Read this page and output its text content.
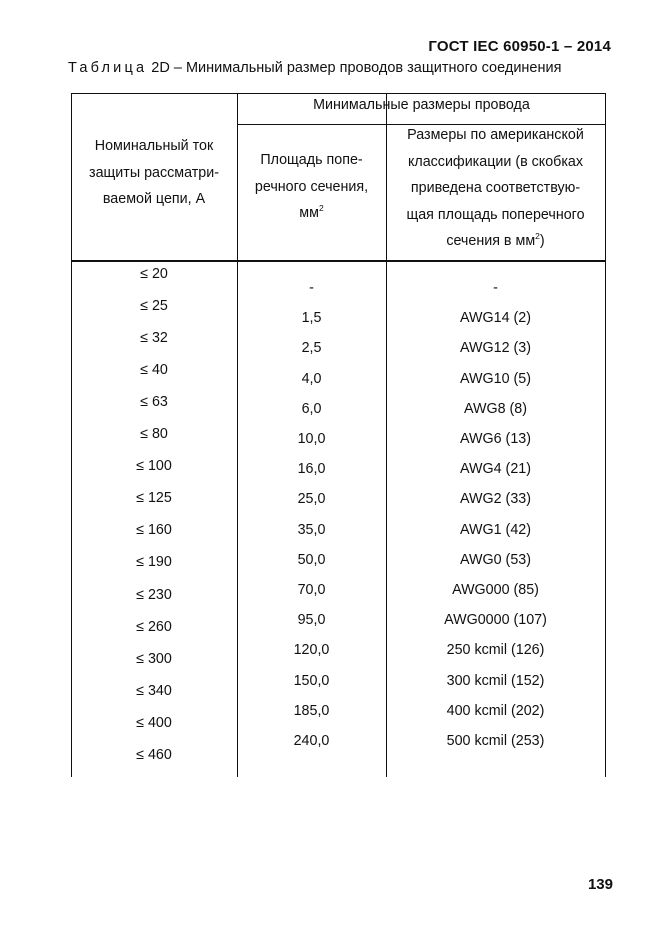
ГОСТ IEC 60950-1 – 2014
Таблица 2D – Минимальный размер проводов защитного соединения
Номинальный ток
защиты рассматри-
ваемой цепи, А
Минимальные размеры провода
Площадь попе-
речного сечения,
$мм^2$
Размеры по американской
классификации (в скобках
приведена соответствую-
щая площадь поперечного
сечения в $мм^2$)
≤ 20
≤ 25
≤ 32
≤ 40
≤ 63
≤ 80
≤ 100
≤ 125
≤ 160
≤ 190
≤ 230
≤ 260
≤ 300
≤ 340
≤ 400
≤ 460
-
1,5
2,5
4,0
6,0
10,0
16,0
25,0
35,0
50,0
70,0
95,0
120,0
150,0
185,0
240,0
-
AWG14 (2)
AWG12 (3)
AWG10 (5)
AWG8 (8)
AWG6 (13)
AWG4 (21)
AWG2 (33)
AWG1 (42)
AWG0 (53)
AWG000 (85)
AWG0000 (107)
250 kcmil (126)
300 kcmil (152)
400 kcmil (202)
500 kcmil (253)
139
